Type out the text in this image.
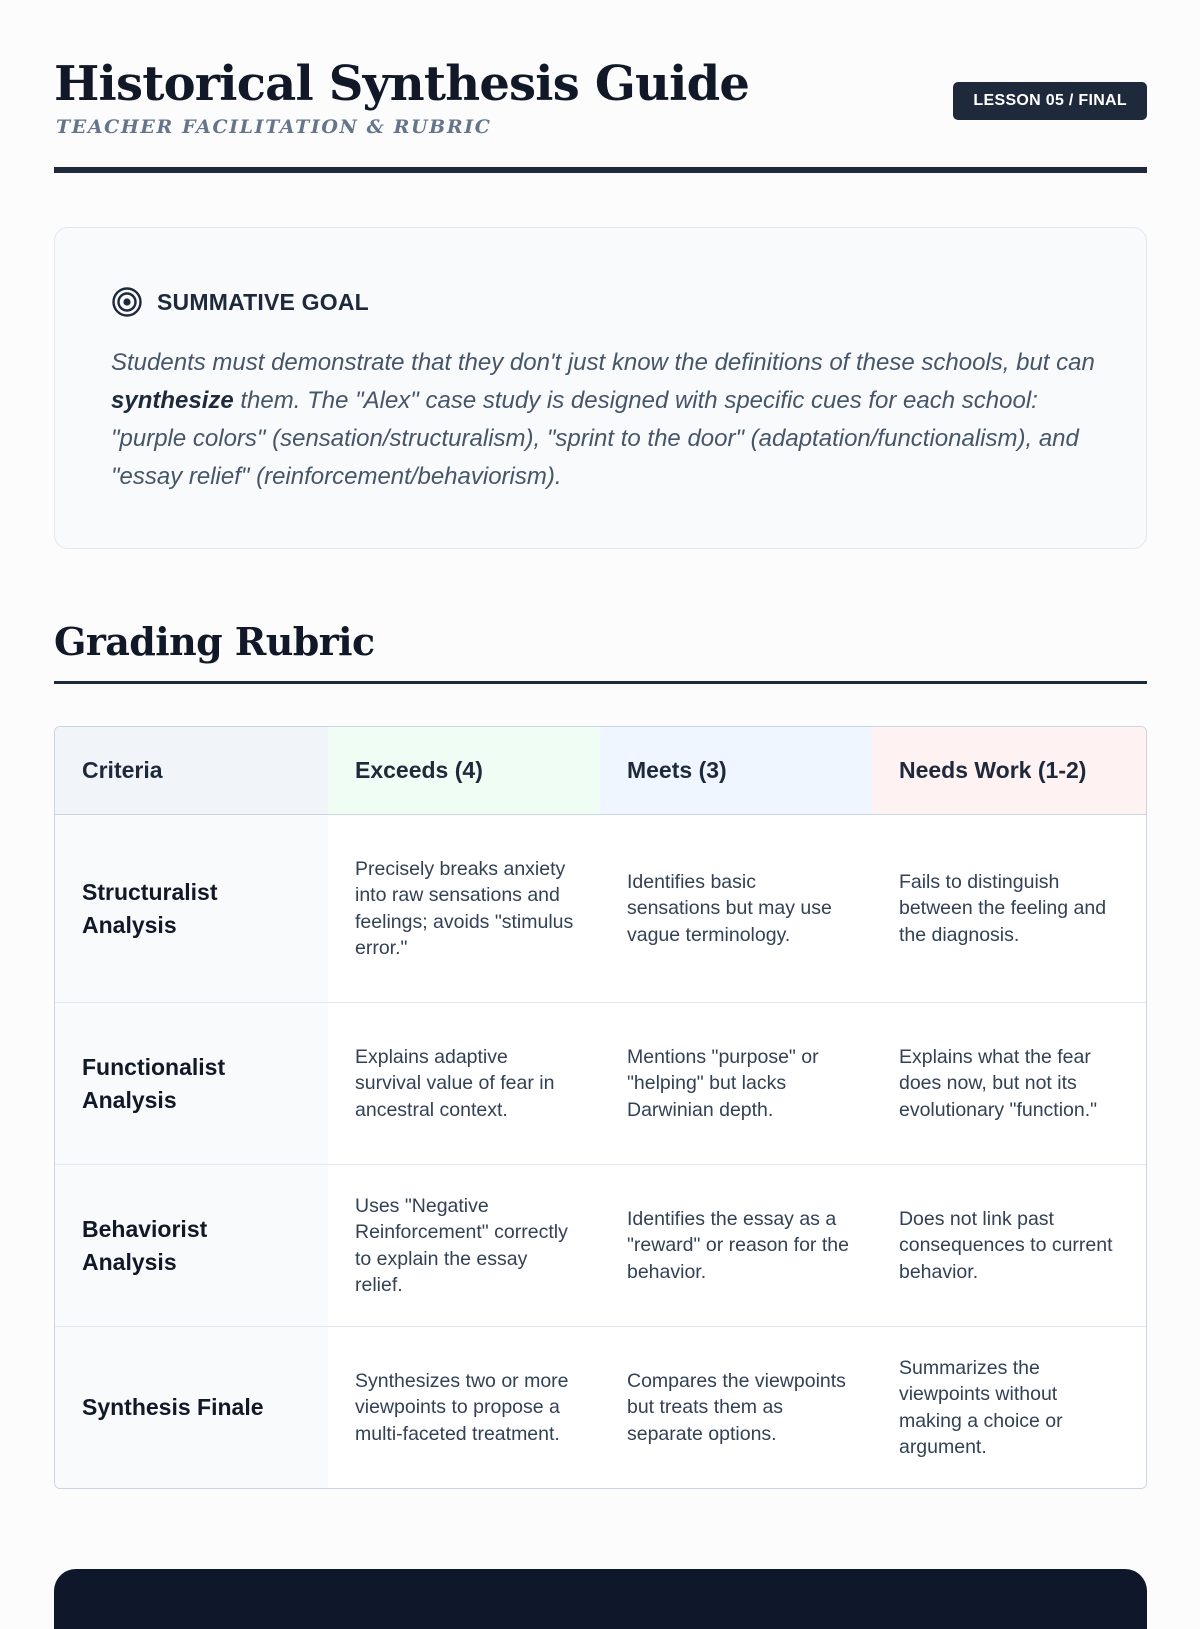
Historical Synthesis Guide
TEACHER FACILITATION & RUBRIC
LESSON 05 / FINAL
SUMMATIVE GOAL

Students must demonstrate that they don't just know the definitions of these schools, but can synthesize them. The "Alex" case study is designed with specific cues for each school: "purple colors" (sensation/structuralism), "sprint to the door" (adaptation/functionalism), and "essay relief" (reinforcement/behaviorism).

Grading Rubric
Criteria	Exceeds (4)	Meets (3)	Needs Work (1-2)
Structuralist Analysis	Precisely breaks anxiety into raw sensations and feelings; avoids "stimulus error."	Identifies basic sensations but may use vague terminology.	Fails to distinguish between the feeling and the diagnosis.
Functionalist Analysis	Explains adaptive survival value of fear in ancestral context.	Mentions "purpose" or "helping" but lacks Darwinian depth.	Explains what the fear does now, but not its evolutionary "function."
Behaviorist Analysis	Uses "Negative Reinforcement" correctly to explain the essay relief.	Identifies the essay as a "reward" or reason for the behavior.	Does not link past consequences to current behavior.
Synthesis Finale	Synthesizes two or more viewpoints to propose a multi-faceted treatment.	Compares the viewpoints but treats them as separate options.	Summarizes the viewpoints without making a choice or argument.
